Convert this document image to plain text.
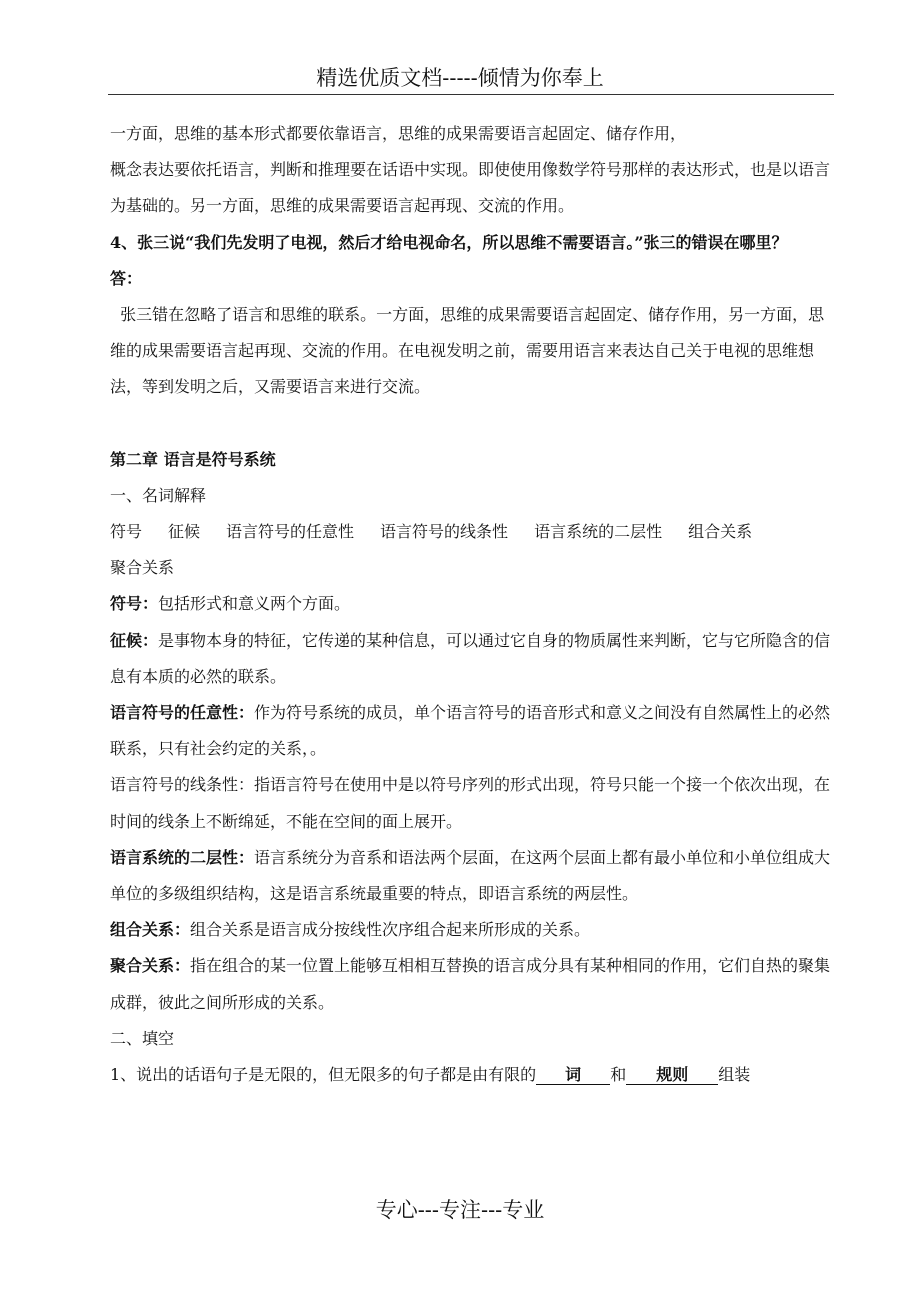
精选优质文档-----倾情为你奉上

一方面，思维的基本形式都要依靠语言，思维的成果需要语言起固定、储存作用，

概念表达要依托语言，判断和推理要在话语中实现。即使使用像数学符号那样的表达形式，也是以语言为基础的。另一方面，思维的成果需要语言起再现、交流的作用。

4、张三说“我们先发明了电视，然后才给电视命名，所以思维不需要语言。”张三的错误在哪里？

答：

张三错在忽略了语言和思维的联系。一方面，思维的成果需要语言起固定、储存作用，另一方面，思维的成果需要语言起再现、交流的作用。在电视发明之前，需要用语言来表达自己关于电视的思维想法，等到发明之后，又需要语言来进行交流。

第二章 语言是符号系统

一、名词解释

符号 征候 语言符号的任意性 语言符号的线条性 语言系统的二层性 组合关系
聚合关系

符号：包括形式和意义两个方面。

征候：是事物本身的特征，它传递的某种信息，可以通过它自身的物质属性来判断，它与它所隐含的信息有本质的必然的联系。

语言符号的任意性：作为符号系统的成员，单个语言符号的语音形式和意义之间没有自然属性上的必然联系，只有社会约定的关系，。

语言符号的线条性：指语言符号在使用中是以符号序列的形式出现，符号只能一个接一个依次出现，在时间的线条上不断绵延，不能在空间的面上展开。

语言系统的二层性：语言系统分为音系和语法两个层面，在这两个层面上都有最小单位和小单位组成大单位的多级组织结构，这是语言系统最重要的特点，即语言系统的两层性。

组合关系：组合关系是语言成分按线性次序组合起来所形成的关系。

聚合关系：指在组合的某一位置上能够互相相互替换的语言成分具有某种相同的作用，它们自热的聚集成群，彼此之间所形成的关系。

二、填空

1、说出的话语句子是无限的，但无限多的句子都是由有限的 词 和 规则 组装

专心---专注---专业
